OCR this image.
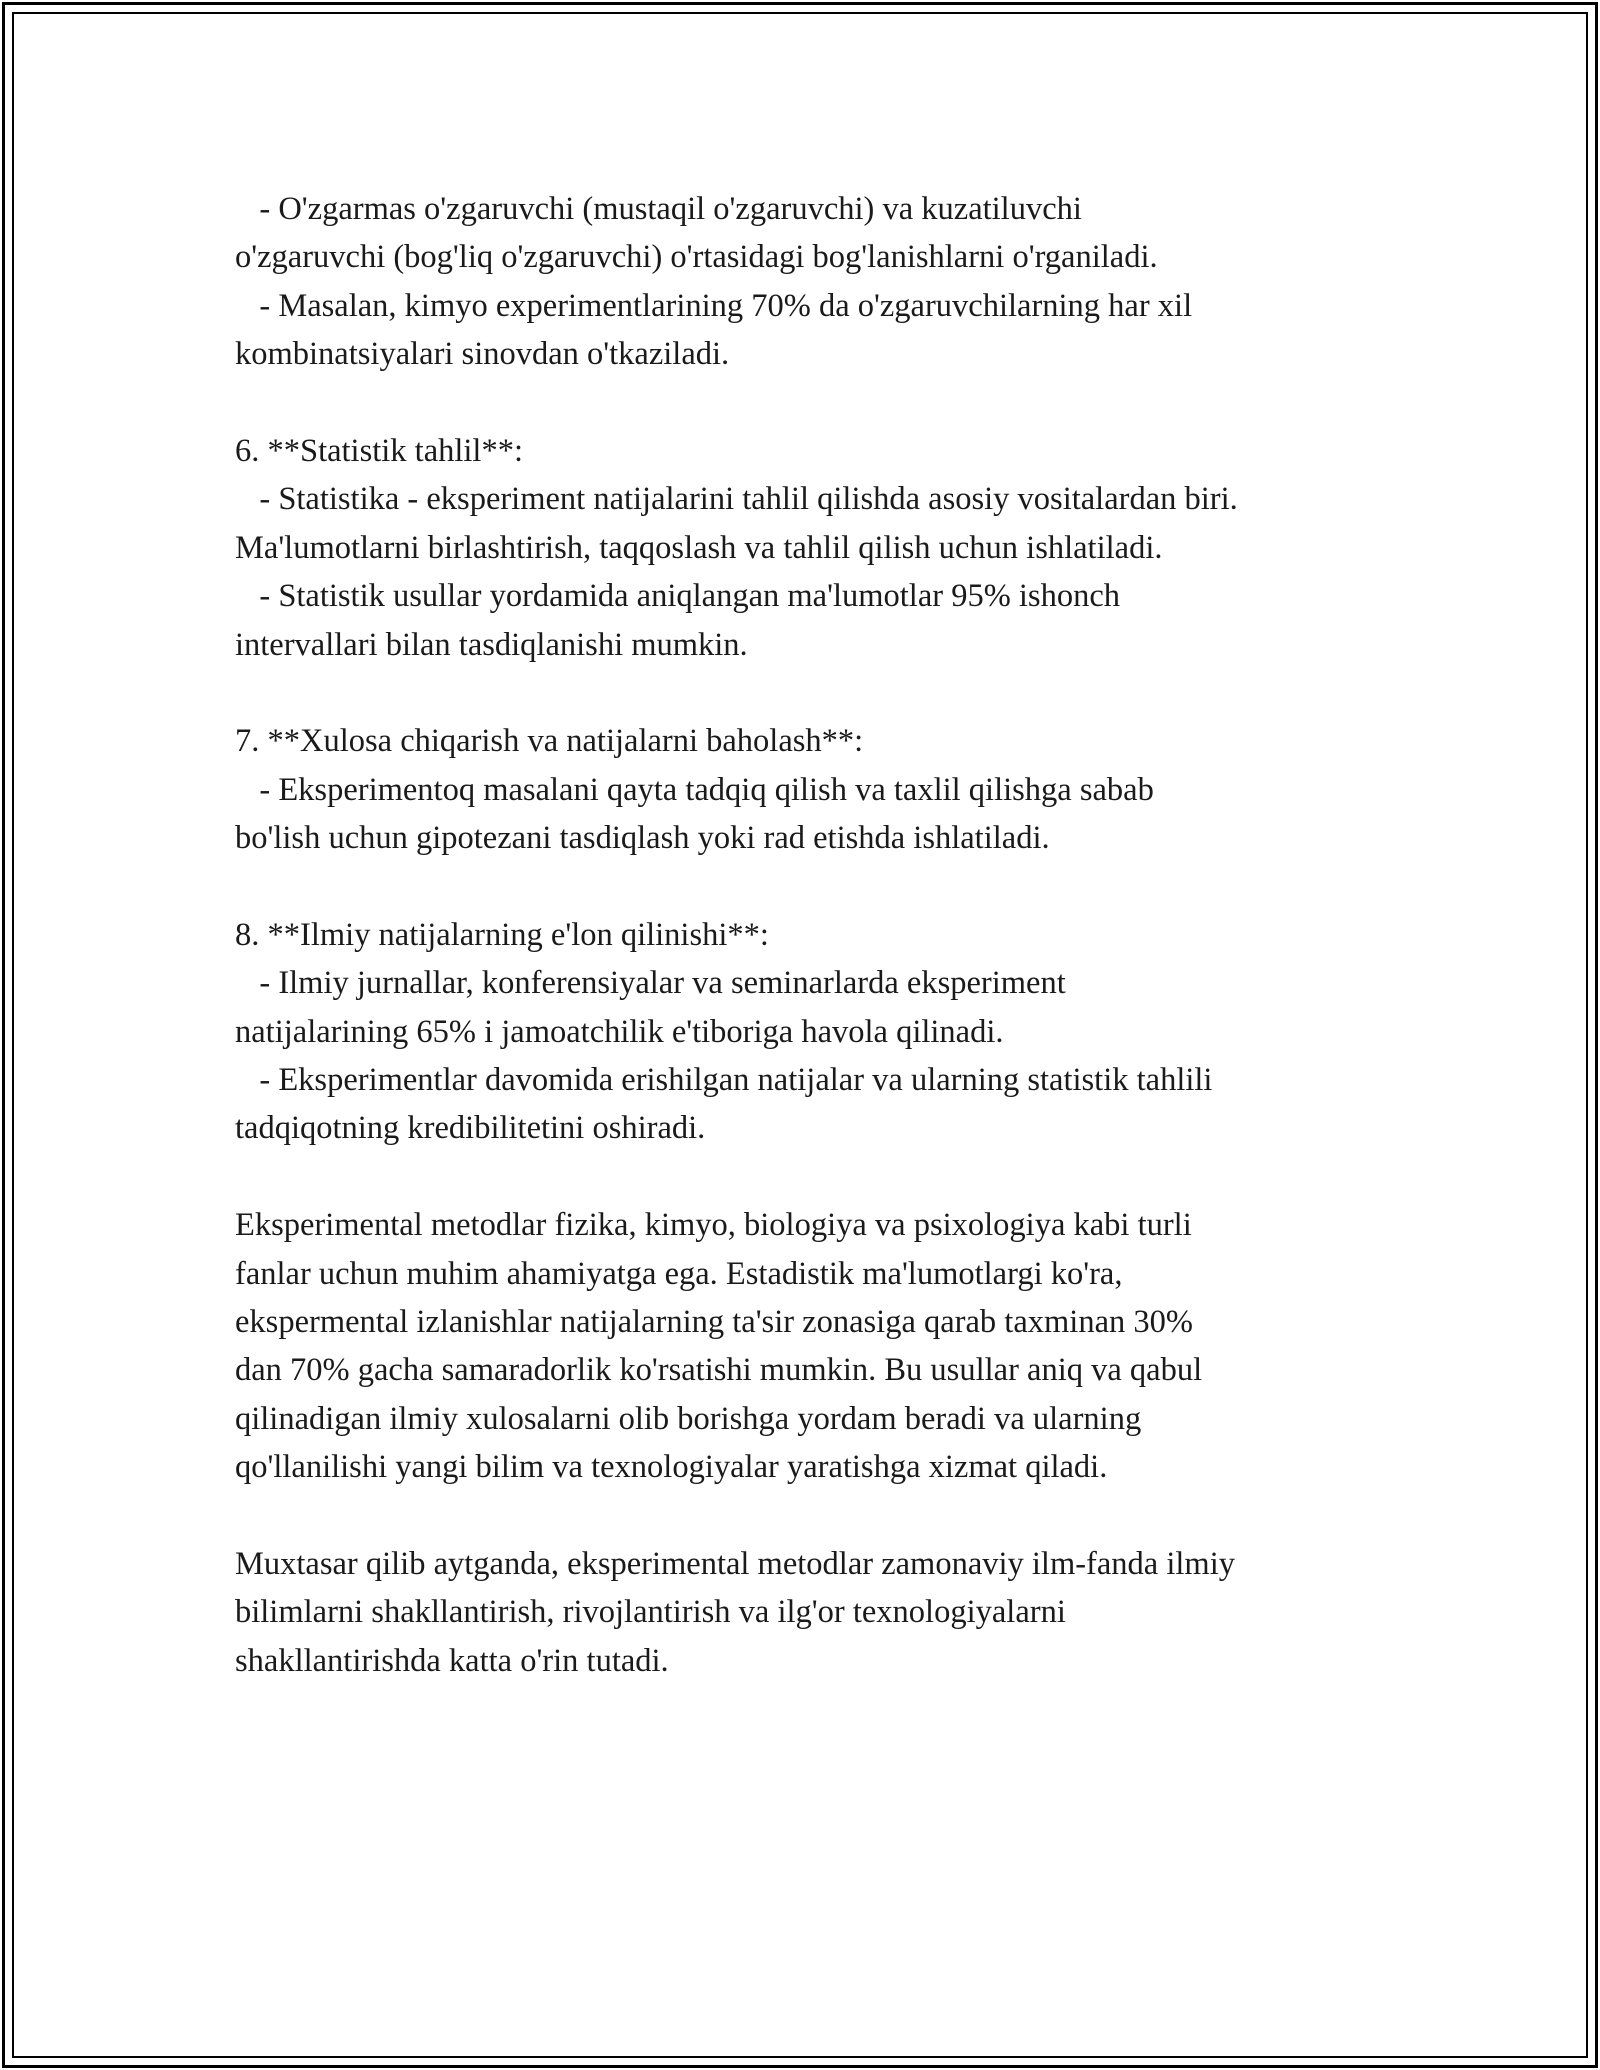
- O'zgarmas o'zgaruvchi (mustaqil o'zgaruvchi) va kuzatiluvchi
o'zgaruvchi (bog'liq o'zgaruvchi) o'rtasidagi bog'lanishlarni o'rganiladi.
- Masalan, kimyo experimentlarining 70% da o'zgaruvchilarning har xil
kombinatsiyalari sinovdan o'tkaziladi.
6. **Statistik tahlil**:
- Statistika - eksperiment natijalarini tahlil qilishda asosiy vositalardan biri.
Ma'lumotlarni birlashtirish, taqqoslash va tahlil qilish uchun ishlatiladi.
- Statistik usullar yordamida aniqlangan ma'lumotlar 95% ishonch
intervallari bilan tasdiqlanishi mumkin.
7. **Xulosa chiqarish va natijalarni baholash**:
- Eksperimentoq masalani qayta tadqiq qilish va taxlil qilishga sabab
bo'lish uchun gipotezani tasdiqlash yoki rad etishda ishlatiladi.
8. **Ilmiy natijalarning e'lon qilinishi**:
- Ilmiy jurnallar, konferensiyalar va seminarlarda eksperiment
natijalarining 65% i jamoatchilik e'tiboriga havola qilinadi.
- Eksperimentlar davomida erishilgan natijalar va ularning statistik tahlili
tadqiqotning kredibilitetini oshiradi.
Eksperimental metodlar fizika, kimyo, biologiya va psixologiya kabi turli
fanlar uchun muhim ahamiyatga ega. Estadistik ma'lumotlargi ko'ra,
ekspermental izlanishlar natijalarning ta'sir zonasiga qarab taxminan 30%
dan 70% gacha samaradorlik ko'rsatishi mumkin. Bu usullar aniq va qabul
qilinadigan ilmiy xulosalarni olib borishga yordam beradi va ularning
qo'llanilishi yangi bilim va texnologiyalar yaratishga xizmat qiladi.
Muxtasar qilib aytganda, eksperimental metodlar zamonaviy ilm-fanda ilmiy
bilimlarni shakllantirish, rivojlantirish va ilg'or texnologiyalarni
shakllantirishda katta o'rin tutadi.
